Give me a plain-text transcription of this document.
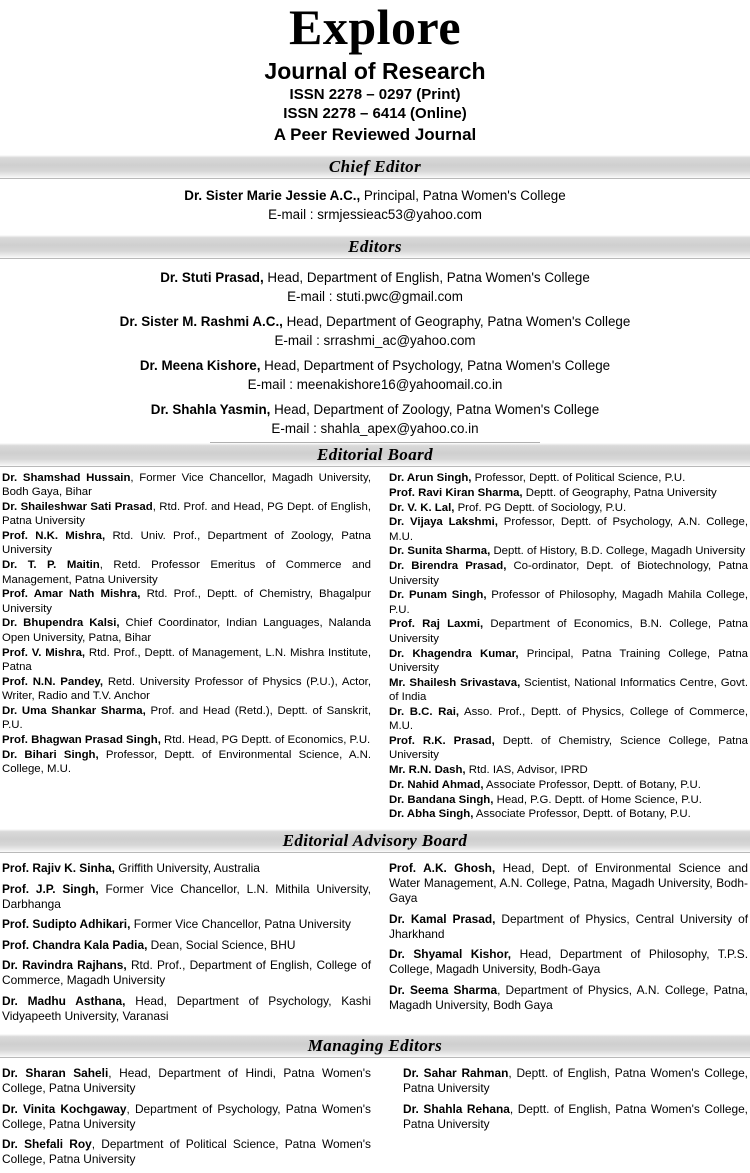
Explore
Journal of Research
ISSN 2278 – 0297 (Print)
ISSN 2278 – 6414 (Online)
A Peer Reviewed Journal
Chief Editor
Dr. Sister Marie Jessie A.C., Principal, Patna Women's College
E-mail : srmjessieac53@yahoo.com
Editors
Dr. Stuti Prasad, Head, Department of English, Patna Women's College
E-mail : stuti.pwc@gmail.com
Dr. Sister M. Rashmi A.C., Head, Department of Geography, Patna Women's College
E-mail : srrashmi_ac@yahoo.com
Dr. Meena Kishore, Head, Department of Psychology, Patna Women's College
E-mail : meenakishore16@yahoomail.co.in
Dr. Shahla Yasmin, Head, Department of Zoology, Patna Women's College
E-mail : shahla_apex@yahoo.co.in
Editorial Board

Dr. Shamshad Hussain, Former Vice Chancellor, Magadh University, Bodh Gaya, Bihar

Dr. Shaileshwar Sati Prasad, Rtd. Prof. and Head, PG Dept. of English, Patna University

Prof. N.K. Mishra, Rtd. Univ. Prof., Department of Zoology, Patna University

Dr. T. P. Maitin, Retd. Professor Emeritus of Commerce and Management, Patna University

Prof. Amar Nath Mishra, Rtd. Prof., Deptt. of Chemistry, Bhagalpur University

Dr. Bhupendra Kalsi, Chief Coordinator, Indian Languages, Nalanda Open University, Patna, Bihar

Prof. V. Mishra, Rtd. Prof., Deptt. of Management, L.N. Mishra Institute, Patna

Prof. N.N. Pandey, Retd. University Professor of Physics (P.U.), Actor, Writer, Radio and T.V. Anchor

Dr. Uma Shankar Sharma, Prof. and Head (Retd.), Deptt. of Sanskrit, P.U.

Prof. Bhagwan Prasad Singh, Rtd. Head, PG Deptt. of Economics, P.U.

Dr. Bihari Singh, Professor, Deptt. of Environmental Science, A.N. College, M.U.

Dr. Arun Singh, Professor, Deptt. of Political Science, P.U.

Prof. Ravi Kiran Sharma, Deptt. of Geography, Patna University

Dr. V. K. Lal, Prof. PG Deptt. of Sociology, P.U.

Dr. Vijaya Lakshmi, Professor, Deptt. of Psychology, A.N. College, M.U.

Dr. Sunita Sharma, Deptt. of History, B.D. College, Magadh University

Dr. Birendra Prasad, Co-ordinator, Dept. of Biotechnology, Patna University

Dr. Punam Singh, Professor of Philosophy, Magadh Mahila College, P.U.

Prof. Raj Laxmi, Department of Economics, B.N. College, Patna University

Dr. Khagendra Kumar, Principal, Patna Training College, Patna University

Mr. Shailesh Srivastava, Scientist, National Informatics Centre, Govt. of India

Dr. B.C. Rai, Asso. Prof., Deptt. of Physics, College of Commerce, M.U.

Prof. R.K. Prasad, Deptt. of Chemistry, Science College, Patna University

Mr. R.N. Dash, Rtd. IAS, Advisor, IPRD

Dr. Nahid Ahmad, Associate Professor, Deptt. of Botany, P.U.

Dr. Bandana Singh, Head, P.G. Deptt. of Home Science, P.U.

Dr. Abha Singh, Associate Professor, Deptt. of Botany, P.U.

Editorial Advisory Board

Prof. Rajiv K. Sinha, Griffith University, Australia

Prof. J.P. Singh, Former Vice Chancellor, L.N. Mithila University, Darbhanga

Prof. Sudipto Adhikari, Former Vice Chancellor, Patna University

Prof. Chandra Kala Padia, Dean, Social Science, BHU

Dr. Ravindra Rajhans, Rtd. Prof., Department of English, College of Commerce, Magadh University

Dr. Madhu Asthana, Head, Department of Psychology, Kashi Vidyapeeth University, Varanasi

Prof. A.K. Ghosh, Head, Dept. of Environmental Science and Water Management, A.N. College, Patna, Magadh University, Bodh-Gaya

Dr. Kamal Prasad, Department of Physics, Central University of Jharkhand

Dr. Shyamal Kishor, Head, Department of Philosophy, T.P.S. College, Magadh University, Bodh-Gaya

Dr. Seema Sharma, Department of Physics, A.N. College, Patna, Magadh University, Bodh Gaya

Managing Editors

Dr. Sharan Saheli, Head, Department of Hindi, Patna Women's College, Patna University

Dr. Vinita Kochgaway, Department of Psychology, Patna Women's College, Patna University

Dr. Shefali Roy, Department of Political Science, Patna Women's College, Patna University

Dr. Sahar Rahman, Deptt. of English, Patna Women's College, Patna University

Dr. Shahla Rehana, Deptt. of English, Patna Women's College, Patna University
